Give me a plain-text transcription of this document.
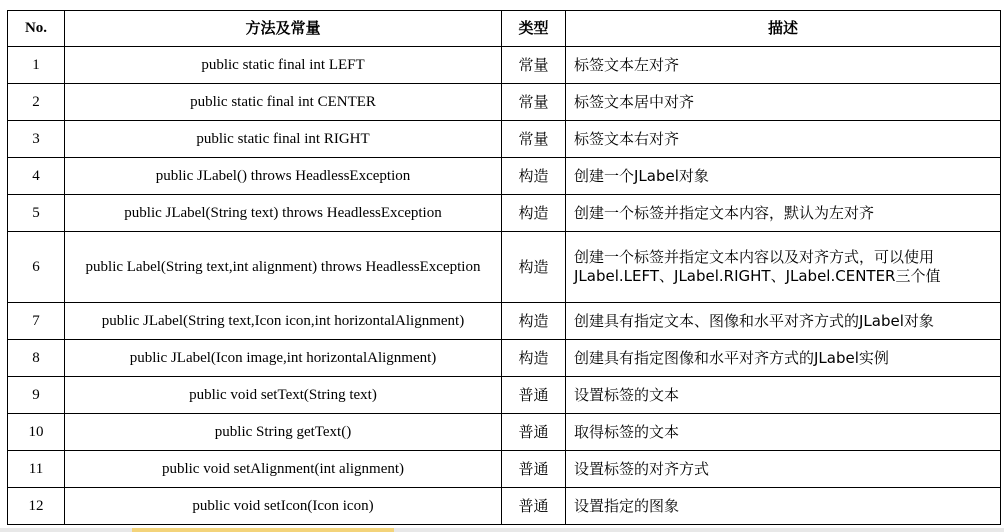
No.	方法及常量	类型	描述
1	public static final int LEFT	常量	标签文本左对齐
2	public static final int CENTER	常量	标签文本居中对齐
3	public static final int RIGHT	常量	标签文本右对齐
4	public JLabel() throws HeadlessException	构造	创建一个JLabel对象
5	public JLabel(String text) throws HeadlessException	构造	创建一个标签并指定文本内容，默认为左对齐
6	public Label(String text,int alignment) throws HeadlessException	构造	创建一个标签并指定文本内容以及对齐方式，可以使用JLabel.LEFT、JLabel.RIGHT、JLabel.CENTER三个值
7	public JLabel(String text,Icon icon,int horizontalAlignment)	构造	创建具有指定文本、图像和水平对齐方式的JLabel对象
8	public JLabel(Icon image,int horizontalAlignment)	构造	创建具有指定图像和水平对齐方式的JLabel实例
9	public void setText(String text)	普通	设置标签的文本
10	public String getText()	普通	取得标签的文本
11	public void setAlignment(int alignment)	普通	设置标签的对齐方式
12	public void setIcon(Icon icon)	普通	设置指定的图象
